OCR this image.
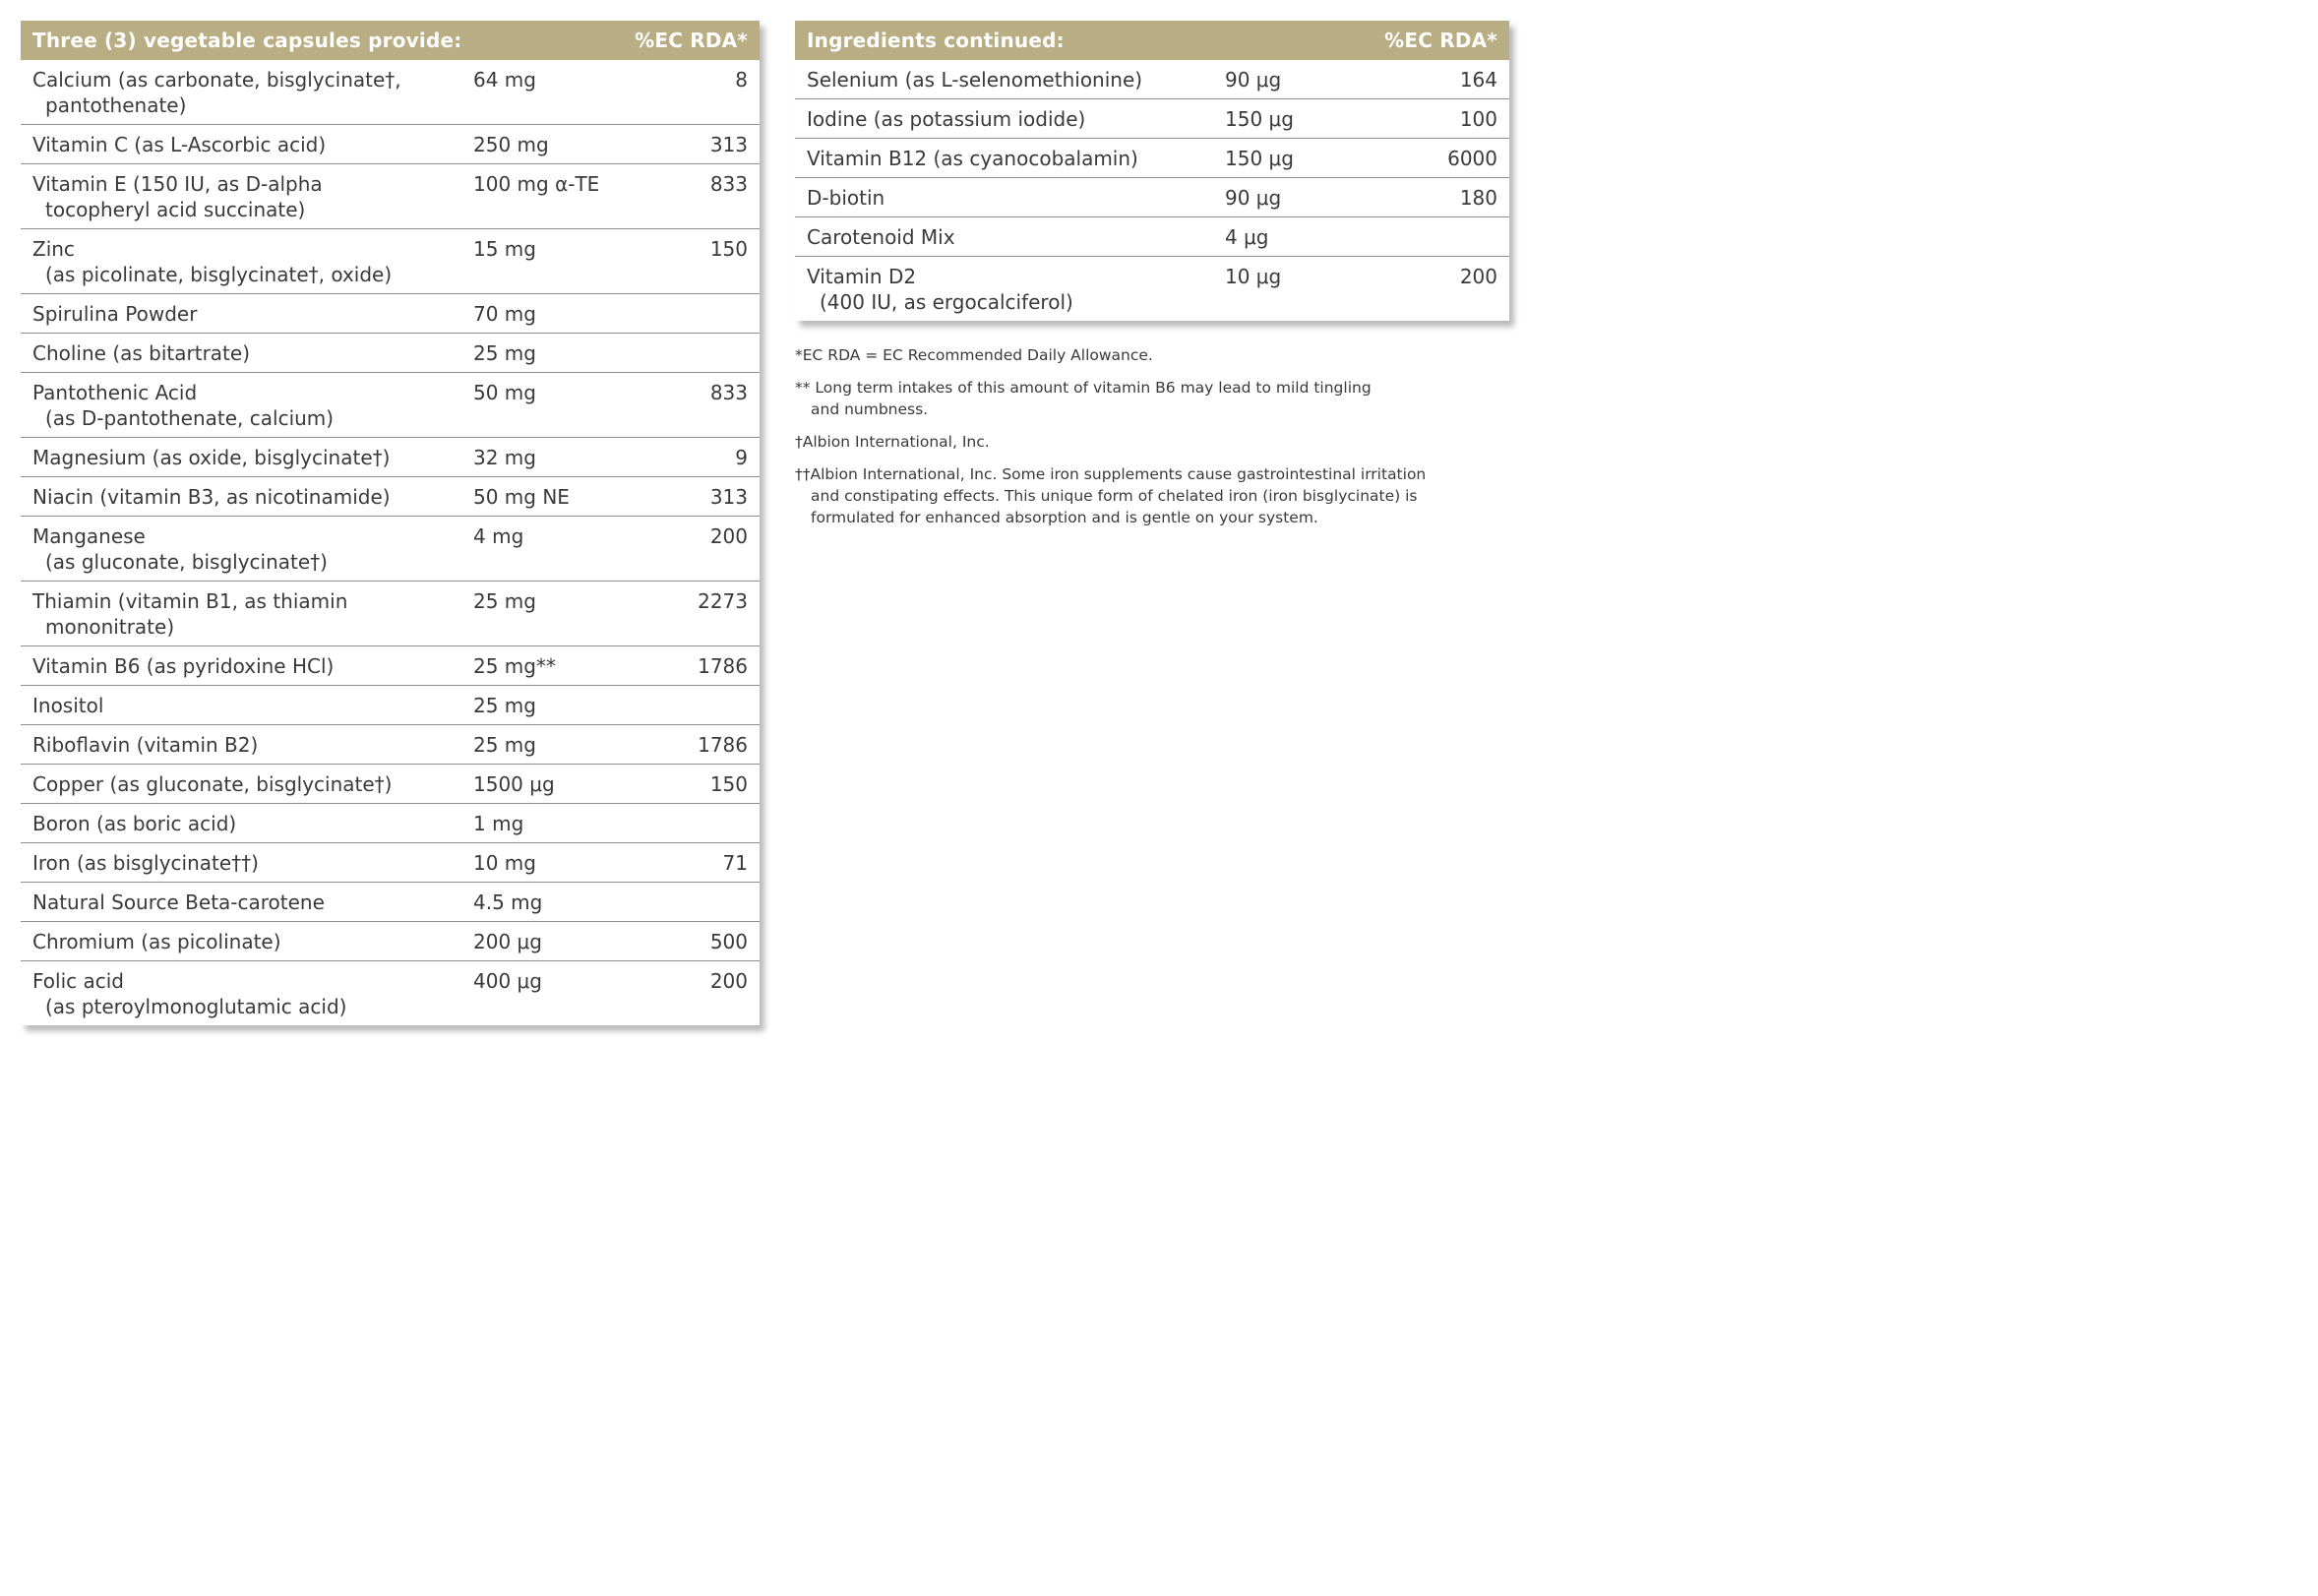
Three (3) vegetable capsules provide:	%EC RDA*
Calcium (as carbonate, bisglycinate†,
pantothenate)
64 mg	8
Vitamin C (as L-Ascorbic acid)	250 mg	313
Vitamin E (150 IU, as D-alpha
tocopheryl acid succinate)
100 mg α-TE	833
Zinc
(as picolinate, bisglycinate†, oxide)
15 mg	150
Spirulina Powder	70 mg
Choline (as bitartrate)	25 mg
Pantothenic Acid
(as D-pantothenate, calcium)
50 mg	833
Magnesium (as oxide, bisglycinate†)	32 mg	9
Niacin (vitamin B3, as nicotinamide)	50 mg NE	313
Manganese
(as gluconate, bisglycinate†)
4 mg	200
Thiamin (vitamin B1, as thiamin
mononitrate)
25 mg	2273
Vitamin B6 (as pyridoxine HCl)	25 mg**	1786
Inositol	25 mg
Riboflavin (vitamin B2)	25 mg	1786
Copper (as gluconate, bisglycinate†)	1500 μg	150
Boron (as boric acid)	1 mg
Iron (as bisglycinate††)	10 mg	71
Natural Source Beta-carotene	4.5 mg
Chromium (as picolinate)	200 μg	500
Folic acid
(as pteroylmonoglutamic acid)
400 μg	200
Ingredients continued:	%EC RDA*
Selenium (as L-selenomethionine)	90 μg	164
Iodine (as potassium iodide)	150 μg	100
Vitamin B12 (as cyanocobalamin)	150 μg	6000
D-biotin	90 μg	180
Carotenoid Mix	4 μg
Vitamin D2
(400 IU, as ergocalciferol)
10 μg	200
*EC RDA = EC Recommended Daily Allowance.
** Long term intakes of this amount of vitamin B6 may lead to mild tingling
and numbness.
†Albion International, Inc.
††Albion International, Inc. Some iron supplements cause gastrointestinal irritation
and constipating effects. This unique form of chelated iron (iron bisglycinate) is
formulated for enhanced absorption and is gentle on your system.
